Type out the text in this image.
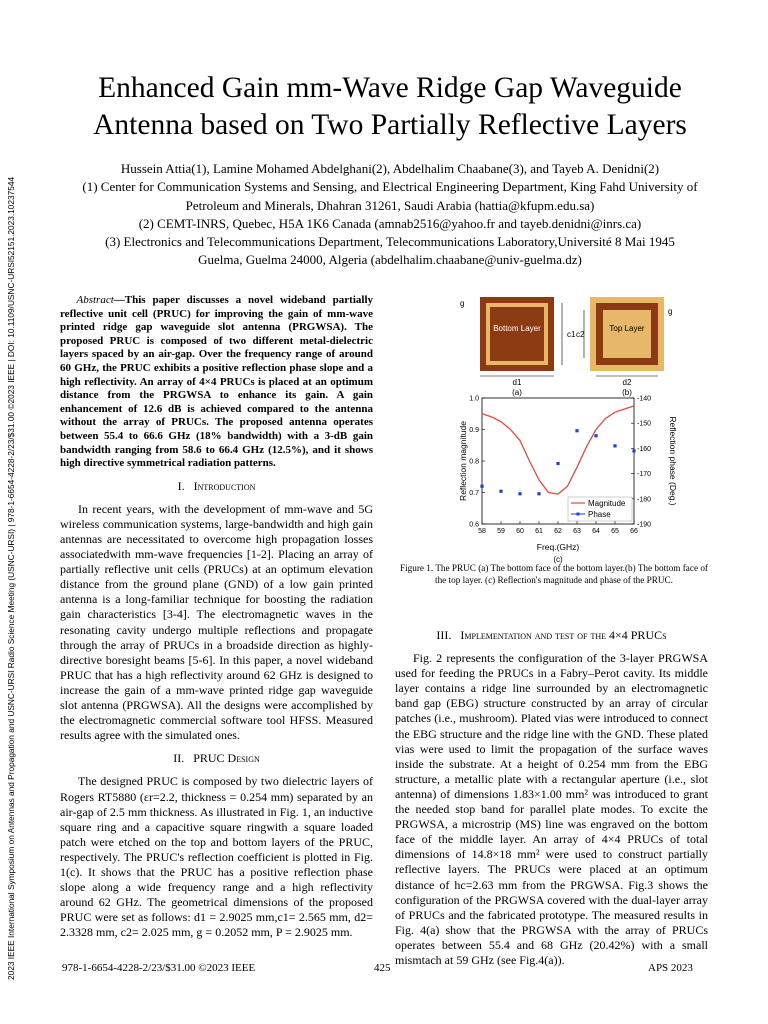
2023 IEEE International Symposium on Antennas and Propagation and USNC-URSI Radio Science Meeting (USNC-URSI) | 978-1-6654-4228-2/23/$31.00 ©2023 IEEE | DOI: 10.1109/USNC-URSI52151.2023.10237544
Enhanced Gain mm-Wave Ridge Gap Waveguide
Antenna based on Two Partially Reflective Layers
Hussein Attia(1), Lamine Mohamed Abdelghani(2), Abdelhalim Chaabane(3), and Tayeb A. Denidni(2)
(1) Center for Communication Systems and Sensing, and Electrical Engineering Department, King Fahd University of
Petroleum and Minerals, Dhahran 31261, Saudi Arabia (hattia@kfupm.edu.sa)
(2) CEMT-INRS, Quebec, H5A 1K6 Canada (amnab2516@yahoo.fr and tayeb.denidni@inrs.ca)
(3) Electronics and Telecommunications Department, Telecommunications Laboratory,Université 8 Mai 1945
Guelma, Guelma 24000, Algeria (abdelhalim.chaabane@univ-guelma.dz)

Abstract—This paper discusses a novel wideband partially reflective unit cell (PRUC) for improving the gain of mm-wave printed ridge gap waveguide slot antenna (PRGWSA). The proposed PRUC is composed of two different metal-dielectric layers spaced by an air-gap. Over the frequency range of around 60 GHz, the PRUC exhibits a positive reflection phase slope and a high reflectivity. An array of 4×4 PRUCs is placed at an optimum distance from the PRGWSA to enhance its gain. A gain enhancement of 12.6 dB is achieved compared to the antenna without the array of PRUCs. The proposed antenna operates between 55.4 to 66.6 GHz (18% bandwidth) with a 3-dB gain bandwidth ranging from 58.6 to 66.4 GHz (12.5%), and it shows high directive symmetrical radiation patterns.

I. Introduction

In recent years, with the development of mm-wave and 5G wireless communication systems, large-bandwidth and high gain antennas are necessitated to overcome high propagation losses associatedwith mm-wave frequencies [1-2]. Placing an array of partially reflective unit cells (PRUCs) at an optimum elevation distance from the ground plane (GND) of a low gain printed antenna is a long-familiar technique for boosting the radiation gain characteristics [3-4]. The electromagnetic waves in the resonating cavity undergo multiple reflections and propagate through the array of PRUCs in a broadside direction as highly-directive boresight beams [5-6]. In this paper, a novel wideband PRUC that has a high reflectivity around 62 GHz is designed to increase the gain of a mm-wave printed ridge gap waveguide slot antenna (PRGWSA). All the designs were accomplished by the electromagnetic commercial software tool HFSS. Measured results agree with the simulated ones.

II. PRUC Design

The designed PRUC is composed by two dielectric layers of Rogers RT5880 (εr=2.2, thickness = 0.254 mm) separated by an air-gap of 2.5 mm thickness. As illustrated in Fig. 1, an inductive square ring and a capacitive square ringwith a square loaded patch were etched on the top and bottom layers of the PRUC, respectively. The PRUC's reflection coefficient is plotted in Fig. 1(c). It shows that the PRUC has a positive reflection phase slope along a wide frequency range and a high reflectivity around 62 GHz. The geometrical dimensions of the proposed PRUC were set as follows: d1 = 2.9025 mm,c1= 2.565 mm, d2= 2.3328 mm, c2= 2.025 mm, g = 0.2052 mm, P = 2.9025 mm.

Bottom Layer
d1
c1
g
(a)
Top Layer
d2
c2
g
(b)
Reflection magnitude	Reflection phase (Deg.)
Freq.(GHz)
(c)
58 59 60 61 62 63 64 65 66
0.6
0.7
0.8
0.9
1.0	-140
-150
-160
-170
-180
-190
Magnitude
Phase
Figure 1. The PRUC (a) The bottom face of the bottom layer.(b) The bottom face of the top layer. (c) Reflection's magnitude and phase of the PRUC.
III. Implementation and test of the 4×4 PRUCs

Fig. 2 represents the configuration of the 3-layer PRGWSA used for feeding the PRUCs in a Fabry–Perot cavity. Its middle layer contains a ridge line surrounded by an electromagnetic band gap (EBG) structure constructed by an array of circular patches (i.e., mushroom). Plated vias were introduced to connect the EBG structure and the ridge line with the GND. These plated vias were used to limit the propagation of the surface waves inside the substrate. At a height of 0.254 mm from the EBG structure, a metallic plate with a rectangular aperture (i.e., slot antenna) of dimensions 1.83×1.00 mm² was introduced to grant the needed stop band for parallel plate modes. To excite the PRGWSA, a microstrip (MS) line was engraved on the bottom face of the middle layer. An array of 4×4 PRUCs of total dimensions of 14.8×18 mm² were used to construct partially reflective layers. The PRUCs were placed at an optimum distance of hc=2.63 mm from the PRGWSA. Fig.3 shows the configuration of the PRGWSA covered with the dual-layer array of PRUCs and the fabricated prototype. The measured results in Fig. 4(a) show that the PRGWSA with the array of PRUCs operates between 55.4 and 68 GHz (20.42%) with a small mismtach at 59 GHz (see Fig.4(a)).

978-1-6654-4228-2/23/$31.00 ©2023 IEEE	425	APS 2023
